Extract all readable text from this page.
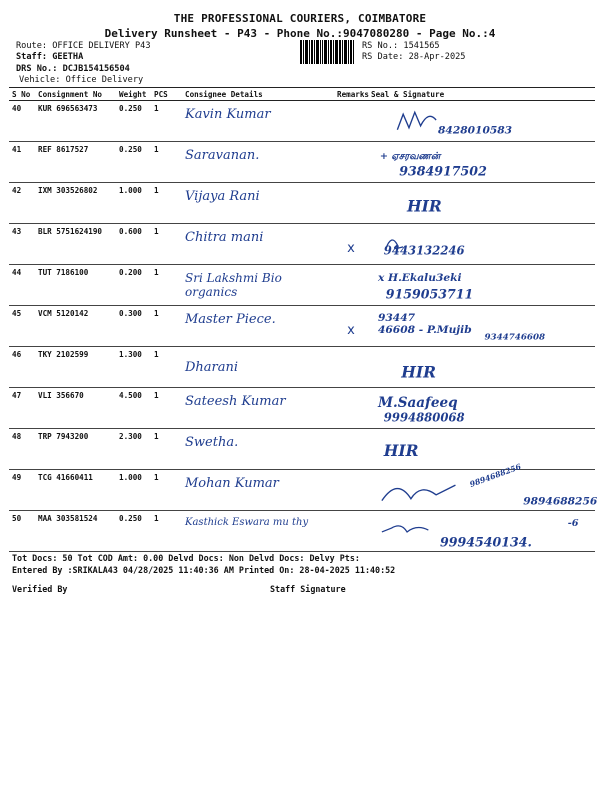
THE PROFESSIONAL COURIERS, COIMBATORE
Delivery Runsheet - P43 - Phone No.:9047080280 - Page No.:4
Route: OFFICE DELIVERY P43
Staff: GEETHA
DRS No.: DCJB154156504
Vehicle: Office Delivery
RS No.: 1541565
RS Date: 28-Apr-2025
S No	Consignment No	Weight	PCS	Consignee Details	Remarks	Seal & Signature
40	KUR 696563473	0.250	1	Kavin Kumar		8428010583

41	REF 8617527	0.250	1	Saravanan.		+ ஏசரவணன்
9384917502

42	IXM 303526802	1.000	1	Vijaya Rani		HIR

43	BLR 5751624190	0.600	1	Chitra mani	x	9443132246

44	TUT 7186100	0.200	1	Sri Lakshmi Bio organics		x H.Ekalu3eki
9159053711

45	VCM 5120142	0.300	1	Master Piece.	x	93447
46608 - P.Mujib
9344746608

46	TKY 2102599	1.300	1	Dharani		HIR

47	VLI 356670	4.500	1	Sateesh Kumar		M.Saafeeq
9994880068

48	TRP 7943200	2.300	1	Swetha.		HIR

49	TCG 41660411	1.000	1	Mohan Kumar		9894688256
9894688256

50	MAA 303581524	0.250	1	Kasthick Eswara mu thy		-6
9994540134.
Tot Docs: 50 Tot COD Amt: 0.00 Delvd Docs: Non Delvd Docs: Delvy Pts:
Entered By :SRIKALA43 04/28/2025 11:40:36 AM Printed On: 28-04-2025 11:40:52
Verified By	Staff Signature
